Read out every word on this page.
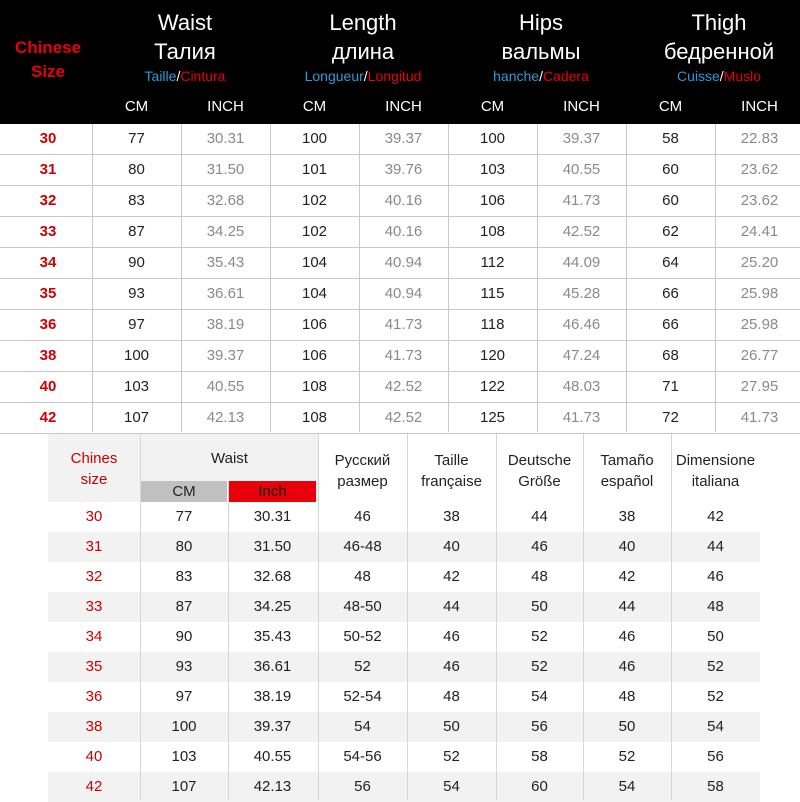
Chinese
Size
Waist
Талия
Taille/Cintura
Length
длина
Longueur/Longitud
Hips
вальмы
hanche/Cadera
Thigh
бедренной
Cuisse/Muslo
CM	INCH	CM	INCH	CM	INCH	CM	INCH
30	77	30.31	100	39.37	100	39.37	58	22.83
31	80	31.50	101	39.76	103	40.55	60	23.62
32	83	32.68	102	40.16	106	41.73	60	23.62
33	87	34.25	102	40.16	108	42.52	62	24.41
34	90	35.43	104	40.94	112	44.09	64	25.20
35	93	36.61	104	40.94	115	45.28	66	25.98
36	97	38.19	106	41.73	118	46.46	66	25.98
38	100	39.37	106	41.73	120	47.24	68	26.77
40	103	40.55	108	42.52	122	48.03	71	27.95
42	107	42.13	108	42.52	125	41.73	72	41.73
Chines
size
Waist
CM	Inch
Русский
размер
Taille
française
Deutsche
Größe
Tamaño
español
Dimensione
italiana
30	77	30.31	46	38	44	38	42
31	80	31.50	46-48	40	46	40	44
32	83	32.68	48	42	48	42	46
33	87	34.25	48-50	44	50	44	48
34	90	35.43	50-52	46	52	46	50
35	93	36.61	52	46	52	46	52
36	97	38.19	52-54	48	54	48	52
38	100	39.37	54	50	56	50	54
40	103	40.55	54-56	52	58	52	56
42	107	42.13	56	54	60	54	58
